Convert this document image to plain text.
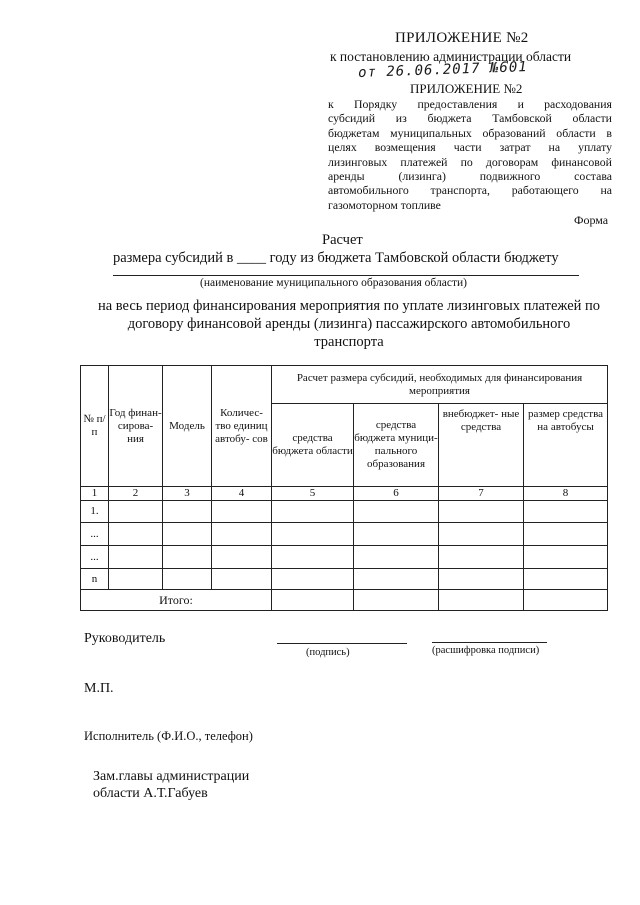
ПРИЛОЖЕНИЕ №2
к постановлению администрации области
от 26.06.2017 №601
ПРИЛОЖЕНИЕ №2
к Порядку предоставления и расходования
субсидий из бюджета Тамбовской области
бюджетам муниципальных образований области в
целях возмещения части затрат на уплату
лизинговых платежей по договорам финансовой
аренды (лизинга) подвижного состава
автомобильного транспорта, работающего на
газомоторном топливе
Форма
Расчет
размера субсидий в ____ году из бюджета Тамбовской области бюджету
(наименование муниципального образования области)
на весь период финансирования мероприятия по уплате лизинговых платежей по
договору финансовой аренды (лизинга) пассажирского автомобильного
транспорта
№ п/п	Год финан- сирова- ния	Модель	Количес- тво единиц автобу- сов	Расчет размера субсидий, необходимых для финансирования мероприятия			
				средства бюджета области	средства бюджета муници- пального образования	внебюджет- ные средства	размер средства на автобусы
1	2	3	4	5	6	7	8
1.							
...							
...							
n							
Итого:							
Руководитель
(подпись)	(расшифровка подписи)
М.П.
Исполнитель (Ф.И.О., телефон)
Зам.главы администрации
области А.Т.Габуев
